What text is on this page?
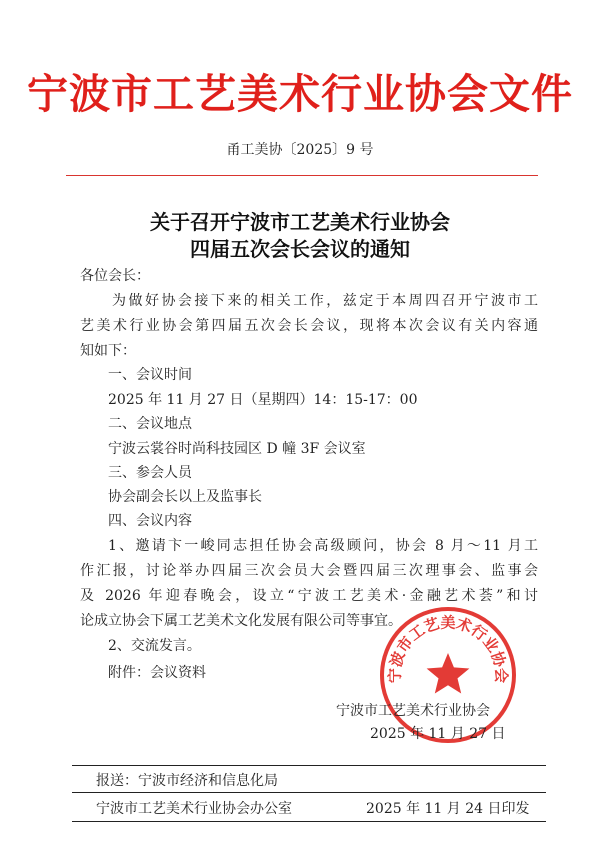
宁波市工艺美术行业协会文件
甬工美协〔2025〕9 号
关于召开宁波市工艺美术行业协会
四届五次会长会议的通知
各位会长：
为做好协会接下来的相关工作，兹定于本周四召开宁波市工
艺美术行业协会第四届五次会长会议，现将本次会议有关内容通
知如下：
一、会议时间
2025 年 11 月 27 日（星期四）14：15-17：00
二、会议地点
宁波云裳谷时尚科技园区 D 幢 3F 会议室
三、参会人员
协会副会长以上及监事长
四、会议内容
1、邀请卞一峻同志担任协会高级顾问，协会 8 月～11 月工
作汇报，讨论举办四届三次会员大会暨四届三次理事会、监事会
及 2026 年迎春晚会，设立“宁波工艺美术·金融艺术荟”和讨
论成立协会下属工艺美术文化发展有限公司等事宜。
2、交流发言。
附件：会议资料	宁波市工艺美术行业协会
宁波市工艺美术行业协会
2025 年 11 月 27 日
报送：宁波市经济和信息化局
宁波市工艺美术行业协会办公室	2025 年 11 月 24 日印发
